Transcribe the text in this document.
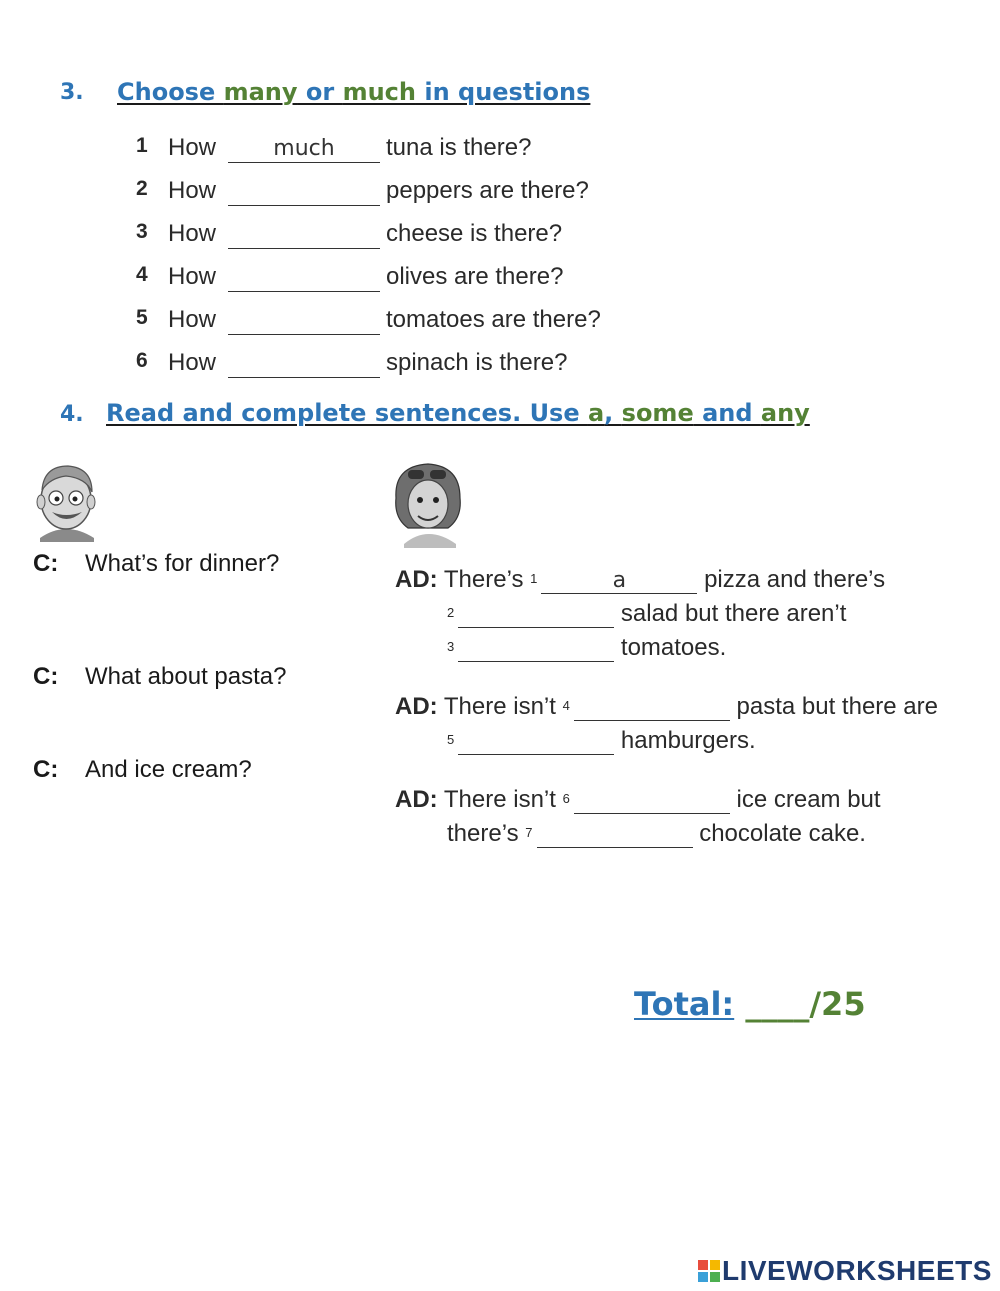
3. Choose many or much in questions
1 How
much	tuna is there?
2 How	peppers are there?
3 How	cheese is there?
4 How	olives are there?
5 How	tomatoes are there?
6 How	spinach is there?
4. Read and complete sentences. Use a, some and any
C: What’s for dinner?
C: What about pasta?
C: And ice cream?
AD: There’s $^1$a	pizza and there’s
$^2$	salad but there aren’t
$^3$	tomatoes.
AD: There isn’t $^4$	pasta but there are
$^5$	hamburgers.
AD: There isn’t $^6$	ice cream but
there’s $^7$	chocolate cake.
Total: ____/25
LIVEWORKSHEETS
